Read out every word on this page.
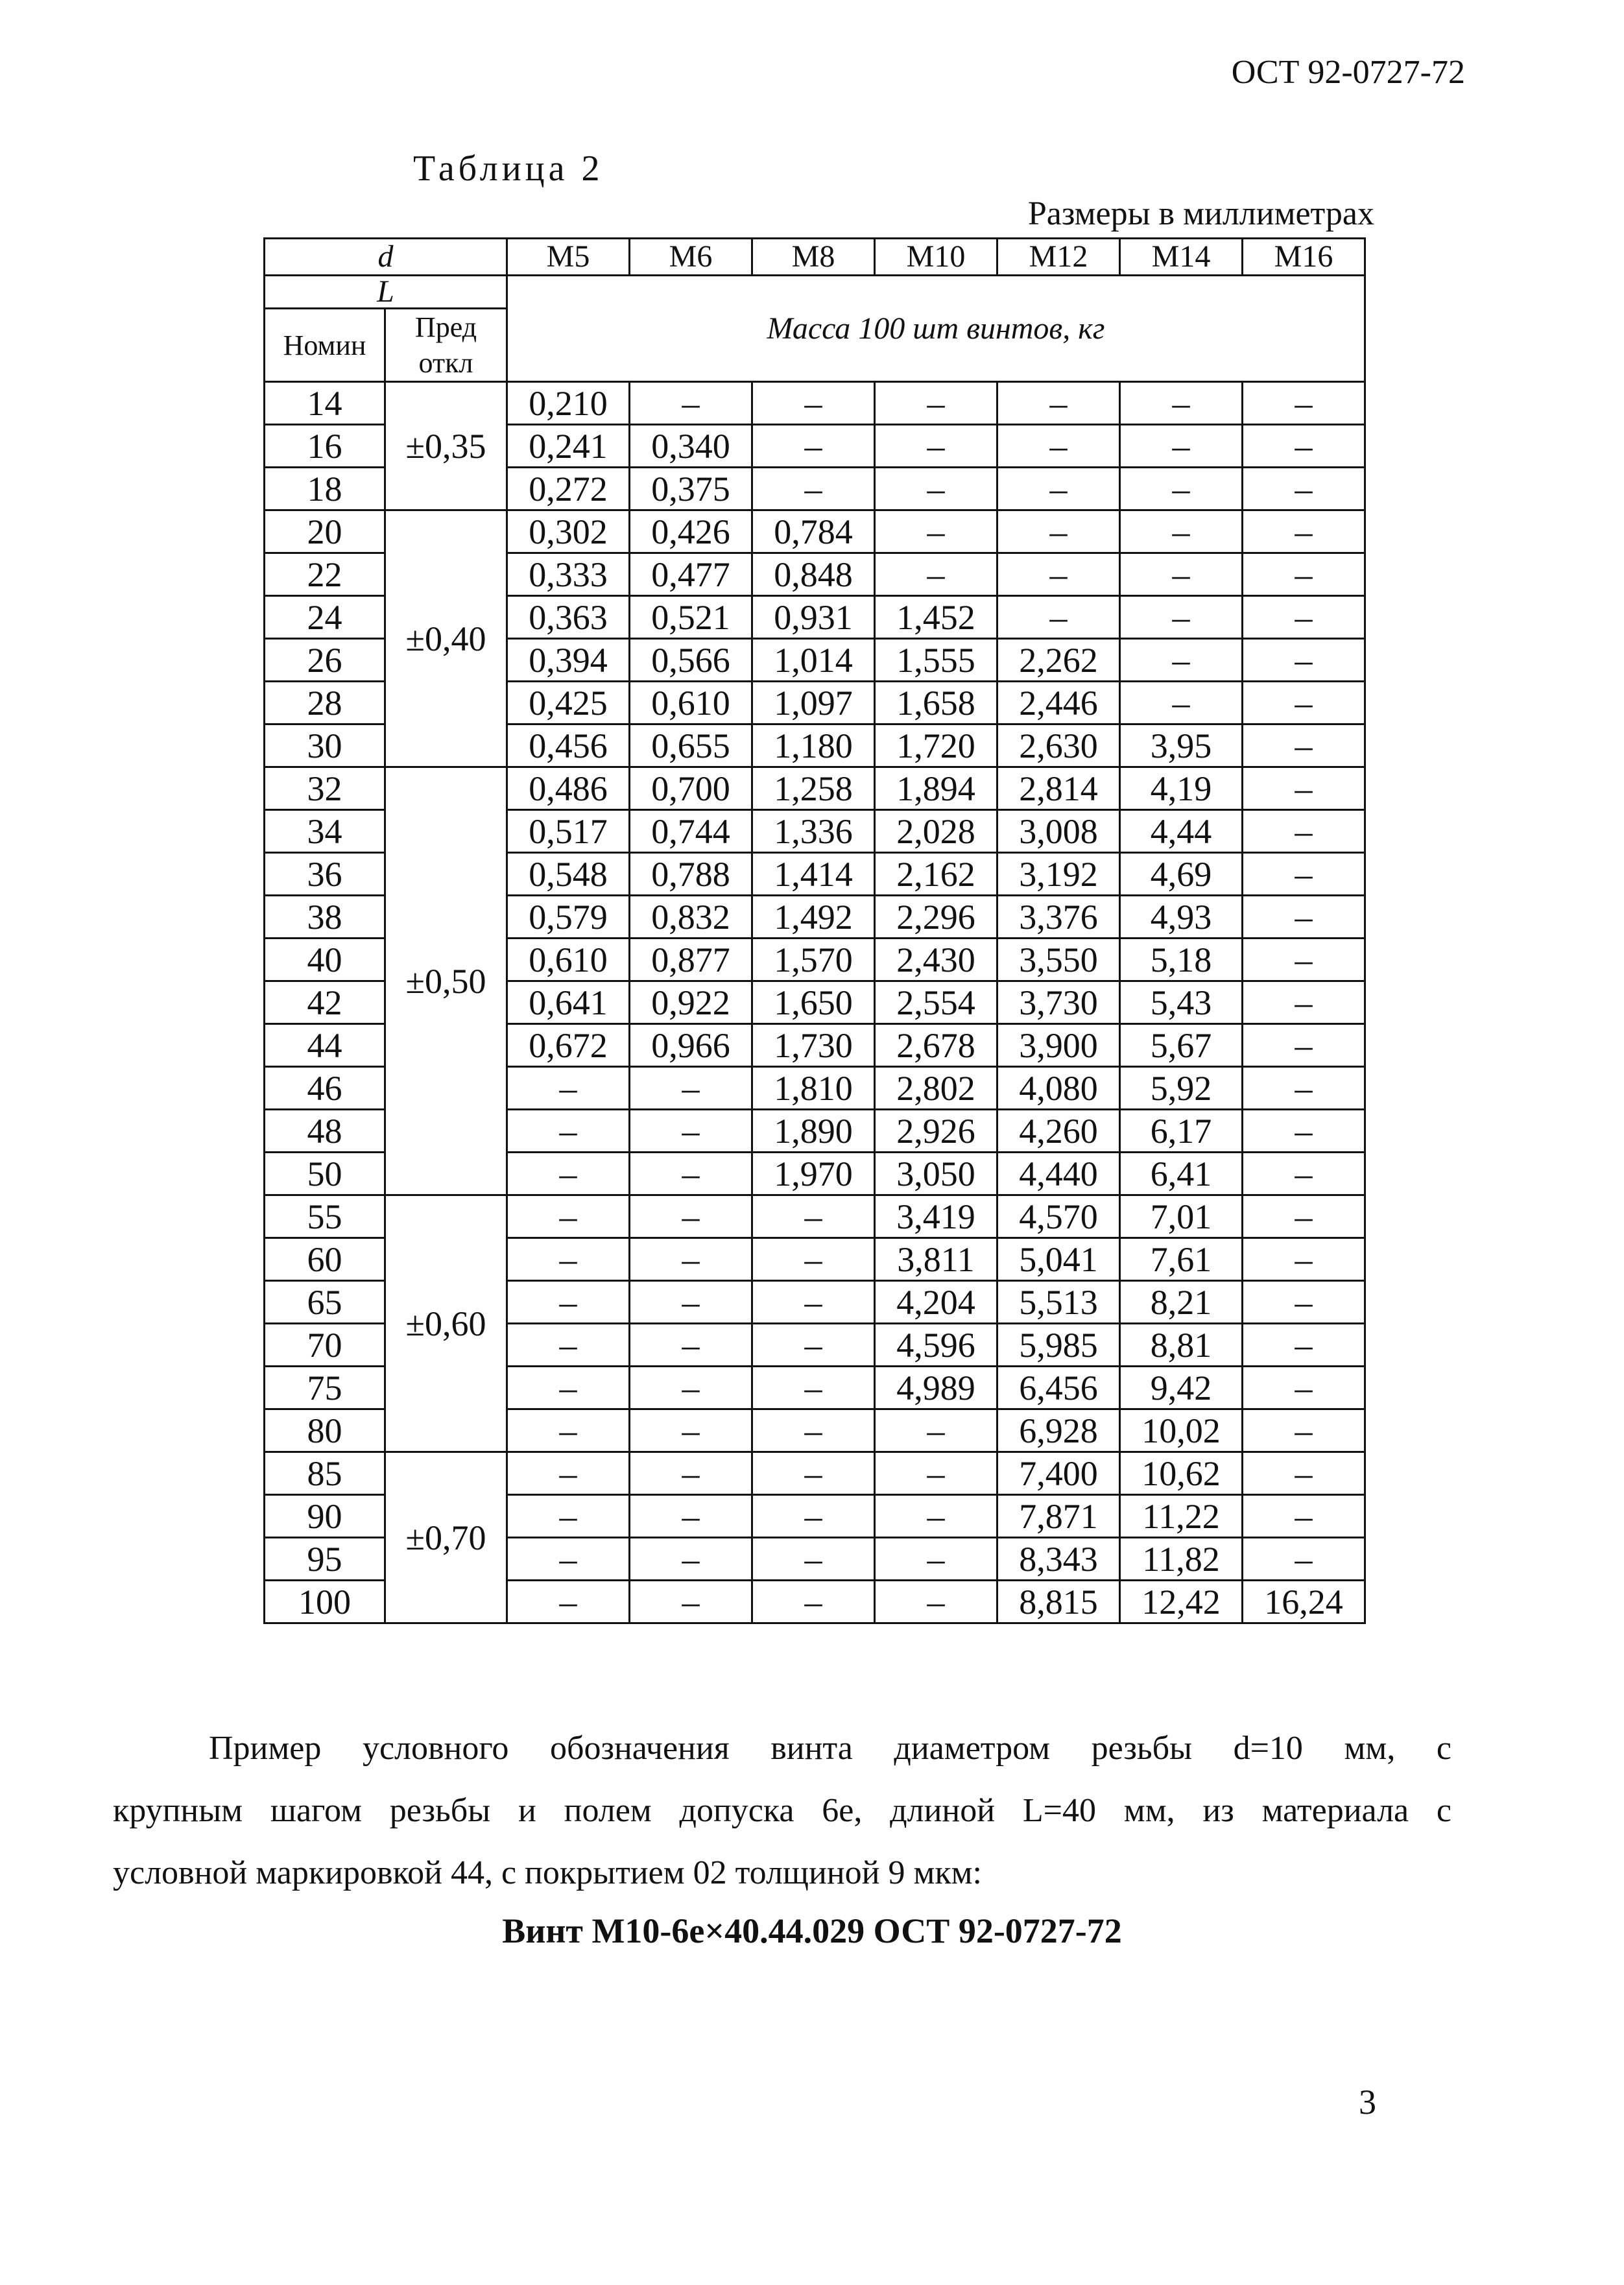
ОСТ 92-0727-72
Таблица 2
Размеры в миллиметрах
d		М5	М6	М8	М10	М12	М14	М16
L		Масса 100 шт винтов, кг						
Номин	Пред откл							
14	±0,35	0,210	–	–	–	–	–	–
16		0,241	0,340	–	–	–	–	–
18		0,272	0,375	–	–	–	–	–
20	±0,40	0,302	0,426	0,784	–	–	–	–
22		0,333	0,477	0,848	–	–	–	–
24		0,363	0,521	0,931	1,452	–	–	–
26		0,394	0,566	1,014	1,555	2,262	–	–
28		0,425	0,610	1,097	1,658	2,446	–	–
30		0,456	0,655	1,180	1,720	2,630	3,95	–
32	±0,50	0,486	0,700	1,258	1,894	2,814	4,19	–
34		0,517	0,744	1,336	2,028	3,008	4,44	–
36		0,548	0,788	1,414	2,162	3,192	4,69	–
38		0,579	0,832	1,492	2,296	3,376	4,93	–
40		0,610	0,877	1,570	2,430	3,550	5,18	–
42		0,641	0,922	1,650	2,554	3,730	5,43	–
44		0,672	0,966	1,730	2,678	3,900	5,67	–
46		–	–	1,810	2,802	4,080	5,92	–
48		–	–	1,890	2,926	4,260	6,17	–
50		–	–	1,970	3,050	4,440	6,41	–
55	±0,60	–	–	–	3,419	4,570	7,01	–
60		–	–	–	3,811	5,041	7,61	–
65		–	–	–	4,204	5,513	8,21	–
70		–	–	–	4,596	5,985	8,81	–
75		–	–	–	4,989	6,456	9,42	–
80		–	–	–	–	6,928	10,02	–
85	±0,70	–	–	–	–	7,400	10,62	–
90		–	–	–	–	7,871	11,22	–
95		–	–	–	–	8,343	11,82	–
100		–	–	–	–	8,815	12,42	16,24
Пример условного обозначения винта диаметром резьбы d=10 мм, с
крупным шагом резьбы и полем допуска 6е, длиной L=40 мм, из материала с
условной маркировкой 44, с покрытием 02 толщиной 9 мкм:
Винт М10-6е×40.44.029 ОСТ 92-0727-72
3
